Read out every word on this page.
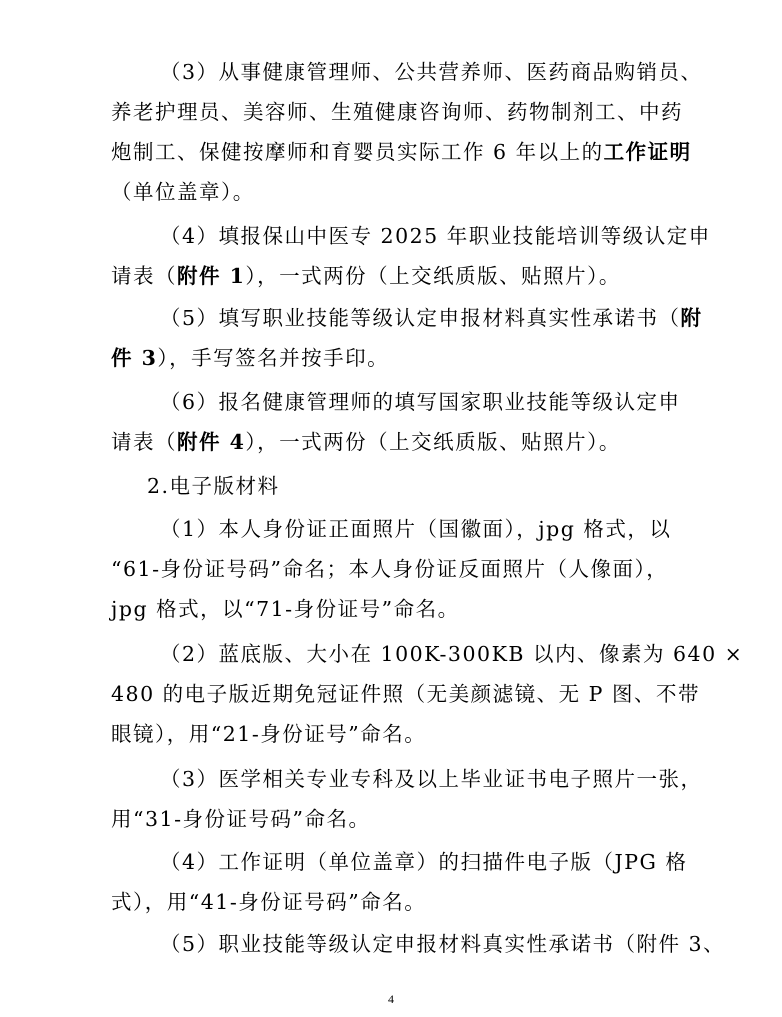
（3）从事健康管理师、公共营养师、医药商品购销员、
养老护理员、美容师、生殖健康咨询师、药物制剂工、中药
炮制工、保健按摩师和育婴员实际工作 6 年以上的工作证明
（单位盖章）。
（4）填报保山中医专 2025 年职业技能培训等级认定申
请表（附件 1），一式两份（上交纸质版、贴照片）。
（5）填写职业技能等级认定申报材料真实性承诺书（附
件 3），手写签名并按手印。
（6）报名健康管理师的填写国家职业技能等级认定申
请表（附件 4），一式两份（上交纸质版、贴照片）。
2.电子版材料
（1）本人身份证正面照片（国徽面），jpg 格式，以
“61-身份证号码”命名；本人身份证反面照片（人像面），
jpg 格式，以“71-身份证号”命名。
（2）蓝底版、大小在 100K-300KB 以内、像素为 640 ×
480 的电子版近期免冠证件照（无美颜滤镜、无 P 图、不带
眼镜），用“21-身份证号”命名。
（3）医学相关专业专科及以上毕业证书电子照片一张，
用“31-身份证号码”命名。
（4）工作证明（单位盖章）的扫描件电子版（JPG 格
式），用“41-身份证号码”命名。
（5）职业技能等级认定申报材料真实性承诺书（附件 3、
4
